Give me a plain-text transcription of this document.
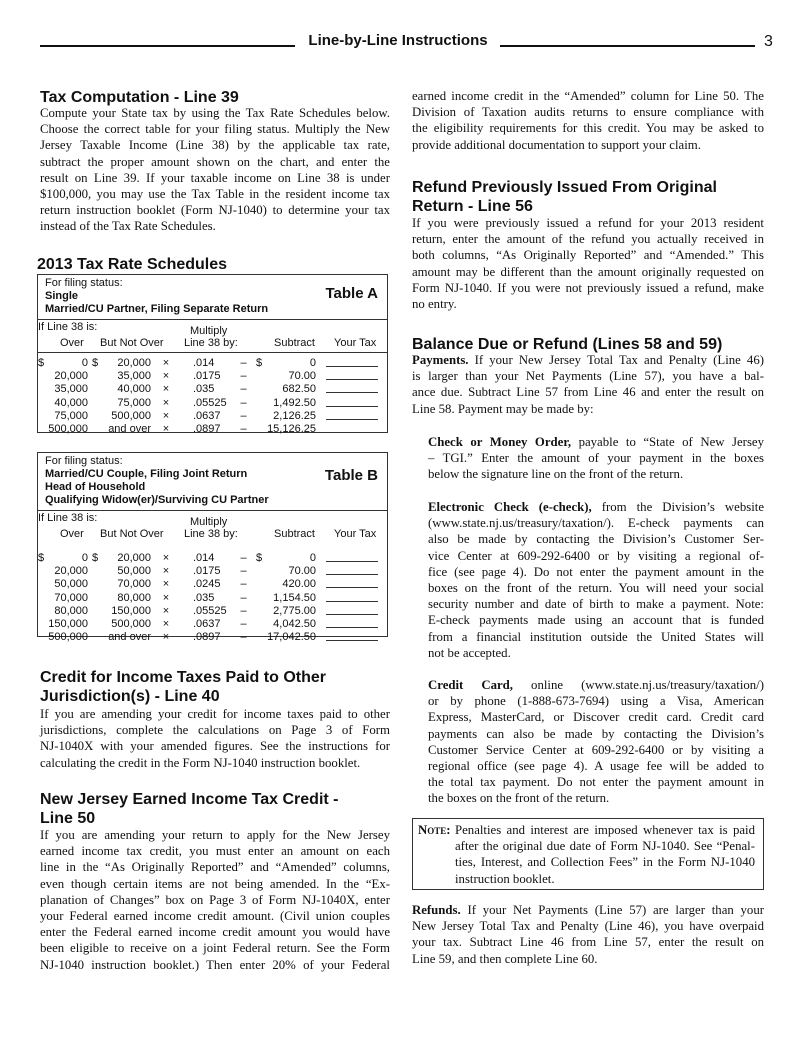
Line-by-Line Instructions	3
Tax Computation - Line 39
Compute your State tax by using the Tax Rate Schedules below.
Choose the correct table for your filing status. Multiply the New
Jersey Taxable Income (Line 38) by the applicable tax rate,
subtract the proper amount shown on the chart, and enter the
result on Line 39. If your taxable income on Line 38 is under
$100,000, you may use the Tax Table in the resident income tax
return instruction booklet (Form NJ-1040) to determine your tax
instead of the Tax Rate Schedules.
2013 Tax Rate Schedules
For filing status:
Single
Married/CU Partner, Filing Separate Return
Table A
If Line 38 is:	Multiply
Over But Not Over Line 38 by:	Subtract Your Tax
$	0 $	20,000	×	.014	– $	0
20,000	35,000	×	.0175	–	70.00
35,000	40,000	×	.035	–	682.50
40,000	75,000	×	.05525	–	1,492.50
75,000	500,000	×	.0637	–	2,126.25
500,000	and over	×	.0897	–	15,126.25
For filing status:
Married/CU Couple, Filing Joint Return
Head of Household
Qualifying Widow(er)/Surviving CU Partner
Table B
If Line 38 is:	Multiply
Over But Not Over Line 38 by:	Subtract Your Tax
$	0 $	20,000	×	.014	– $	0
20,000	50,000	×	.0175	–	70.00
50,000	70,000	×	.0245	–	420.00
70,000	80,000	×	.035	–	1,154.50
80,000	150,000	×	.05525	–	2,775.00
150,000	500,000	×	.0637	–	4,042.50
500,000	and over	×	.0897	–	17,042.50
Credit for Income Taxes Paid to Other
Jurisdiction(s) - Line 40
If you are amending your credit for income taxes paid to other
jurisdictions, complete the calculations on Page 3 of Form
NJ-1040X with your amended figures. See the instructions for
calculating the credit in the Form NJ-1040 instruction booklet.
New Jersey Earned Income Tax Credit -
Line 50
If you are amending your return to apply for the New Jersey
earned income tax credit, you must enter an amount on each
line in the “As Originally Reported” and “Amended” columns,
even though certain items are not being amended. In the “Ex-
planation of Changes” box on Page 3 of Form NJ-1040X, enter
your Federal earned income credit amount. (Civil union couples
enter the Federal earned income credit amount you would have
been eligible to receive on a joint Federal return. See the Form
NJ-1040 instruction booklet.) Then enter 20% of your Federal
earned income credit in the “Amended” column for Line 50. The
Division of Taxation audits returns to ensure compliance with
the eligibility requirements for this credit. You may be asked to
provide additional documentation to support your claim.
Refund Previously Issued From Original
Return - Line 56
If you were previously issued a refund for your 2013 resident
return, enter the amount of the refund you actually received in
both columns, “As Originally Reported” and “Amended.” This
amount may be different than the amount originally requested on
Form NJ-1040. If you were not previously issued a refund, make
no entry.
Balance Due or Refund (Lines 58 and 59)
Payments. If your New Jersey Total Tax and Penalty (Line 46)
is larger than your Net Payments (Line 57), you have a bal-
ance due. Subtract Line 57 from Line 46 and enter the result on
Line 58. Payment may be made by:
Check or Money Order, payable to “State of New Jersey
– TGI.” Enter the amount of your payment in the boxes
below the signature line on the front of the return.
Electronic Check (e-check), from the Division’s website
(www.state.nj.us/treasury/taxation/). E-check payments can
also be made by contacting the Division’s Customer Ser-
vice Center at 609-292-6400 or by visiting a regional of-
fice (see page 4). Do not enter the payment amount in the
boxes on the front of the return. You will need your social
security number and date of birth to make a payment. Note:
E-check payments made using an account that is funded
from a financial institution outside the United States will
not be accepted.
Credit Card, online (www.state.nj.us/treasury/taxation/)
or by phone (1-888-673-7694) using a Visa, American
Express, MasterCard, or Discover credit card. Credit card
payments can also be made by contacting the Division’s
Customer Service Center at 609-292-6400 or by visiting a
regional office (see page 4). A usage fee will be added to
the total tax payment. Do not enter the payment amount in
the boxes on the front of the return.
Note: Penalties and interest are imposed whenever tax is paid
after the original due date of Form NJ-1040. See “Penal-
ties, Interest, and Collection Fees” in the Form NJ-1040
instruction booklet.
Refunds. If your Net Payments (Line 57) are larger than your
New Jersey Total Tax and Penalty (Line 46), you have overpaid
your tax. Subtract Line 46 from Line 57, enter the result on
Line 59, and then complete Line 60.
